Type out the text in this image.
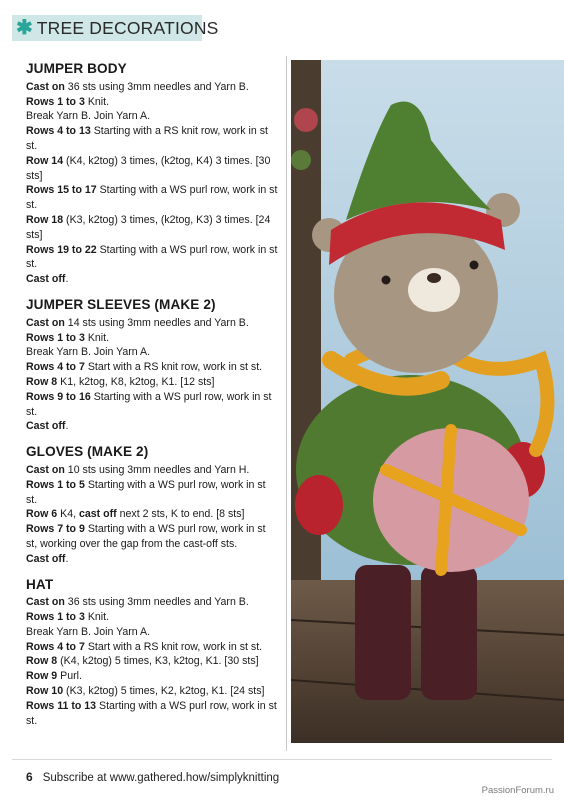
✱ TREE DECORATIONS
JUMPER BODY

Cast on 36 sts using 3mm needles and Yarn B.

Rows 1 to 3 Knit.

Break Yarn B. Join Yarn A.

Rows 4 to 13 Starting with a RS knit row, work in st st.

Row 14 (K4, k2tog) 3 times, (k2tog, K4) 3 times. [30 sts]

Rows 15 to 17 Starting with a WS purl row, work in st st.

Row 18 (K3, k2tog) 3 times, (k2tog, K3) 3 times. [24 sts]

Rows 19 to 22 Starting with a WS purl row, work in st st.

Cast off.

JUMPER SLEEVES (MAKE 2)

Cast on 14 sts using 3mm needles and Yarn B.

Rows 1 to 3 Knit.

Break Yarn B. Join Yarn A.

Rows 4 to 7 Start with a RS knit row, work in st st.

Row 8 K1, k2tog, K8, k2tog, K1. [12 sts]

Rows 9 to 16 Starting with a WS purl row, work in st st.

Cast off.

GLOVES (MAKE 2)

Cast on 10 sts using 3mm needles and Yarn H.

Rows 1 to 5 Starting with a WS purl row, work in st st.

Row 6 K4, cast off next 2 sts, K to end. [8 sts]

Rows 7 to 9 Starting with a WS purl row, work in st st, working over the gap from the cast-off sts.

Cast off.

HAT

Cast on 36 sts using 3mm needles and Yarn B.

Rows 1 to 3 Knit.

Break Yarn B. Join Yarn A.

Rows 4 to 7 Start with a RS knit row, work in st st.

Row 8 (K4, k2tog) 5 times, K3, k2tog, K1. [30 sts]

Row 9 Purl.

Row 10 (K3, k2tog) 5 times, K2, k2tog, K1. [24 sts]

Rows 11 to 13 Starting with a WS purl row, work in st st.

6 Subscribe at www.gathered.how/simplyknitting
PassionForum.ru
